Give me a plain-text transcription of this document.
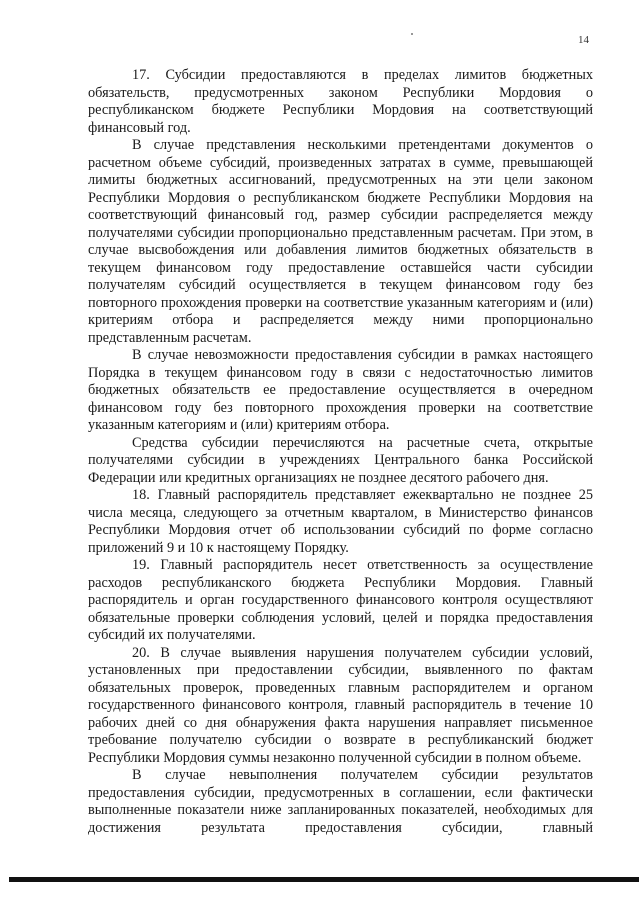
14

17. Субсидии предоставляются в пределах лимитов бюджетных обязательств, предусмотренных законом Республики Мордовия о республиканском бюджете Республики Мордовия на соответствующий финансовый год.

В случае представления несколькими претендентами документов о расчетном объеме субсидий, произведенных затратах в сумме, превышающей лимиты бюджетных ассигнований, предусмотренных на эти цели законом Республики Мордовия о республиканском бюджете Республики Мордовия на соответствующий финансовый год, размер субсидии распределяется между получателями субсидии пропорционально представленным расчетам. При этом, в случае высвобождения или добавления лимитов бюджетных обязательств в текущем финансовом году предоставление оставшейся части субсидии получателям субсидий осуществляется в текущем финансовом году без повторного прохождения проверки на соответствие указанным категориям и (или) критериям отбора и распределяется между ними пропорционально представленным расчетам.

В случае невозможности предоставления субсидии в рамках настоящего Порядка в текущем финансовом году в связи с недостаточностью лимитов бюджетных обязательств ее предоставление осуществляется в очередном финансовом году без повторного прохождения проверки на соответствие указанным категориям и (или) критериям отбора.

Средства субсидии перечисляются на расчетные счета, открытые получателями субсидии в учреждениях Центрального банка Российской Федерации или кредитных организациях не позднее десятого рабочего дня.

18. Главный распорядитель представляет ежеквартально не позднее 25 числа месяца, следующего за отчетным кварталом, в Министерство финансов Республики Мордовия отчет об использовании субсидий по форме согласно приложений 9 и 10 к настоящему Порядку.

19. Главный распорядитель несет ответственность за осуществление расходов республиканского бюджета Республики Мордовия. Главный распорядитель и орган государственного финансового контроля осуществляют обязательные проверки соблюдения условий, целей и порядка предоставления субсидий их получателями.

20. В случае выявления нарушения получателем субсидии условий, установленных при предоставлении субсидии, выявленного по фактам обязательных проверок, проведенных главным распорядителем и органом государственного финансового контроля, главный распорядитель в течение 10 рабочих дней со дня обнаружения факта нарушения направляет письменное требование получателю субсидии о возврате в республиканский бюджет Республики Мордовия суммы незаконно полученной субсидии в полном объеме.

В случае невыполнения получателем субсидии результатов предоставления субсидии, предусмотренных в соглашении, если фактически выполненные показатели ниже запланированных показателей, необходимых для достижения результата предоставления субсидии, главный
